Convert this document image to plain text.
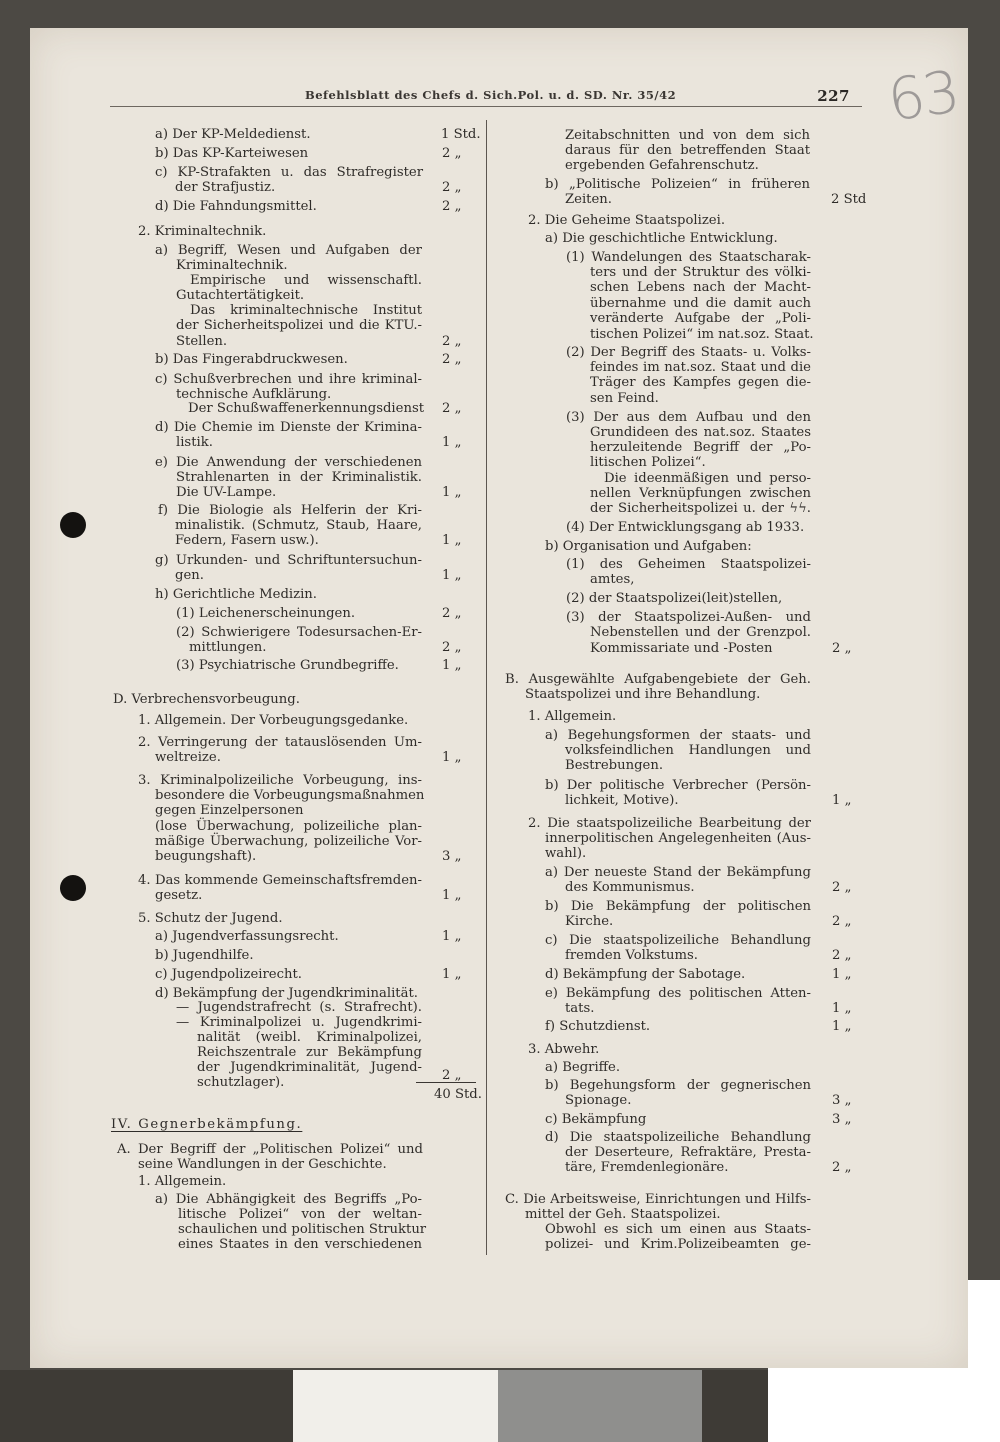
Befehlsblatt des Chefs d. Sich.Pol. u. d. SD. Nr. 35/42	227 63
a) Der KP-Meldedienst.	1 Std.
b) Das KP-Karteiwesen	2 „
c) KP-Strafakten u. das Strafregister
der Strafjustiz.	2 „
d) Die Fahndungsmittel.	2 „
2. Kriminaltechnik.
a) Begriff, Wesen und Aufgaben der
Kriminaltechnik.
Empirische und wissenschaftl.
Gutachtertätigkeit.
Das kriminaltechnische Institut
der Sicherheitspolizei und die KTU.-
Stellen.	2 „
b) Das Fingerabdruckwesen.	2 „
c) Schußverbrechen und ihre kriminal-
technische Aufklärung.
Der Schußwaffenerkennungsdienst 2 „
d) Die Chemie im Dienste der Krimina-
listik.	1 „
e) Die Anwendung der verschiedenen
Strahlenarten in der Kriminalistik.
Die UV-Lampe.	1 „
f) Die Biologie als Helferin der Kri-
minalistik. (Schmutz, Staub, Haare,
Federn, Fasern usw.).	1 „
g) Urkunden- und Schriftuntersuchun-
gen.	1 „
h) Gerichtliche Medizin.
(1) Leichenerscheinungen.	2 „
(2) Schwierigere Todesursachen-Er-
mittlungen.	2 „
(3) Psychiatrische Grundbegriffe.	1 „
D. Verbrechensvorbeugung.
1. Allgemein. Der Vorbeugungsgedanke.
2. Verringerung der tatauslösenden Um-
weltreize.	1 „
3. Kriminalpolizeiliche Vorbeugung, ins-
besondere die Vorbeugungsmaßnahmen
gegen Einzelpersonen
(lose Überwachung, polizeiliche plan-
mäßige Überwachung, polizeiliche Vor-
beugungshaft).	3 „
4. Das kommende Gemeinschaftsfremden-
gesetz.	1 „
5. Schutz der Jugend.
a) Jugendverfassungsrecht.	1 „
b) Jugendhilfe.
c) Jugendpolizeirecht.	1 „
d) Bekämpfung der Jugendkriminalität.
— Jugendstrafrecht (s. Strafrecht).
— Kriminalpolizei u. Jugendkrimi-
nalität (weibl. Kriminalpolizei,
Reichszentrale zur Bekämpfung
der Jugendkriminalität, Jugend-
schutzlager).	2 „
40 Std.
IV. Gegnerbekämpfung.
A. Der Begriff der „Politischen Polizei“ und
seine Wandlungen in der Geschichte.
1. Allgemein.
a) Die Abhängigkeit des Begriffs „Po-
litische Polizei“ von der weltan-
schaulichen und politischen Struktur
eines Staates in den verschiedenen
Zeitabschnitten und von dem sich
daraus für den betreffenden Staat
ergebenden Gefahrenschutz.
b) „Politische Polizeien“ in früheren
Zeiten.	2 Std
2. Die Geheime Staatspolizei.
a) Die geschichtliche Entwicklung.
(1) Wandelungen des Staatscharak-
ters und der Struktur des völki-
schen Lebens nach der Macht-
übernahme und die damit auch
veränderte Aufgabe der „Poli-
tischen Polizei“ im nat.soz. Staat.
(2) Der Begriff des Staats- u. Volks-
feindes im nat.soz. Staat und die
Träger des Kampfes gegen die-
sen Feind.
(3) Der aus dem Aufbau und den
Grundideen des nat.soz. Staates
herzuleitende Begriff der „Po-
litischen Polizei“.
Die ideenmäßigen und perso-
nellen Verknüpfungen zwischen
der Sicherheitspolizei u. der ϟϟ.
(4) Der Entwicklungsgang ab 1933.
b) Organisation und Aufgaben:
(1) des Geheimen Staatspolizei-
amtes,
(2) der Staatspolizei(leit)stellen,
(3) der Staatspolizei-Außen- und
Nebenstellen und der Grenzpol.
Kommissariate und -Posten	2 „
B. Ausgewählte Aufgabengebiete der Geh.
Staatspolizei und ihre Behandlung.
1. Allgemein.
a) Begehungsformen der staats- und
volksfeindlichen Handlungen und
Bestrebungen.
b) Der politische Verbrecher (Persön-
lichkeit, Motive).	1 „
2. Die staatspolizeiliche Bearbeitung der
innerpolitischen Angelegenheiten (Aus-
wahl).
a) Der neueste Stand der Bekämpfung
des Kommunismus.	2 „
b) Die Bekämpfung der politischen
Kirche.	2 „
c) Die staatspolizeiliche Behandlung
fremden Volkstums.	2 „
d) Bekämpfung der Sabotage.	1 „
e) Bekämpfung des politischen Atten-
tats.	1 „
f) Schutzdienst.	1 „
3. Abwehr.
a) Begriffe.
b) Begehungsform der gegnerischen
Spionage.	3 „
c) Bekämpfung	3 „
d) Die staatspolizeiliche Behandlung
der Deserteure, Refraktäre, Presta-
täre, Fremdenlegionäre.	2 „
C. Die Arbeitsweise, Einrichtungen und Hilfs-
mittel der Geh. Staatspolizei.
Obwohl es sich um einen aus Staats-
polizei- und Krim.Polizeibeamten ge-
